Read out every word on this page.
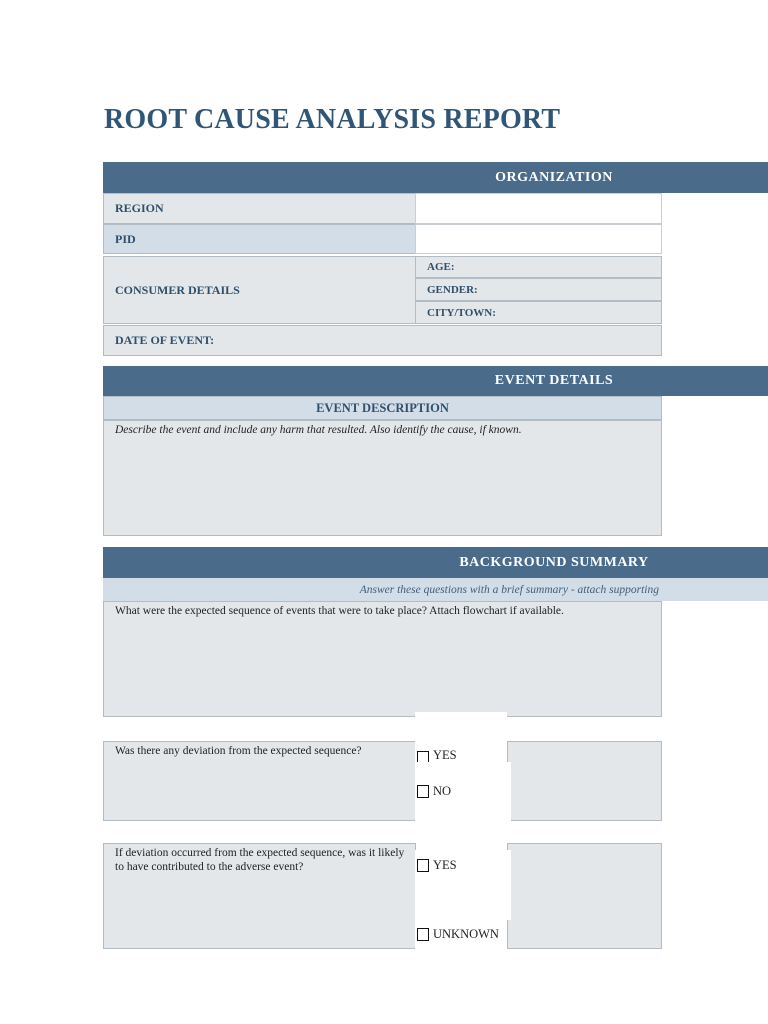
ROOT CAUSE ANALYSIS REPORT
ORGANIZATION
REGION
PID
CONSUMER DETAILS
AGE:
GENDER:
CITY/TOWN:
DATE OF EVENT:
EVENT DETAILS
EVENT DESCRIPTION
Describe the event and include any harm that resulted. Also identify the cause, if known.
BACKGROUND SUMMARY
Answer these questions with a brief summary - attach supporting
What were the expected sequence of events that were to take place? Attach flowchart if available.
Was there any deviation from the expected sequence?	YES
NO
If deviation occurred from the expected sequence, was it likely to have contributed to the adverse event?	YES
UNKNOWN
